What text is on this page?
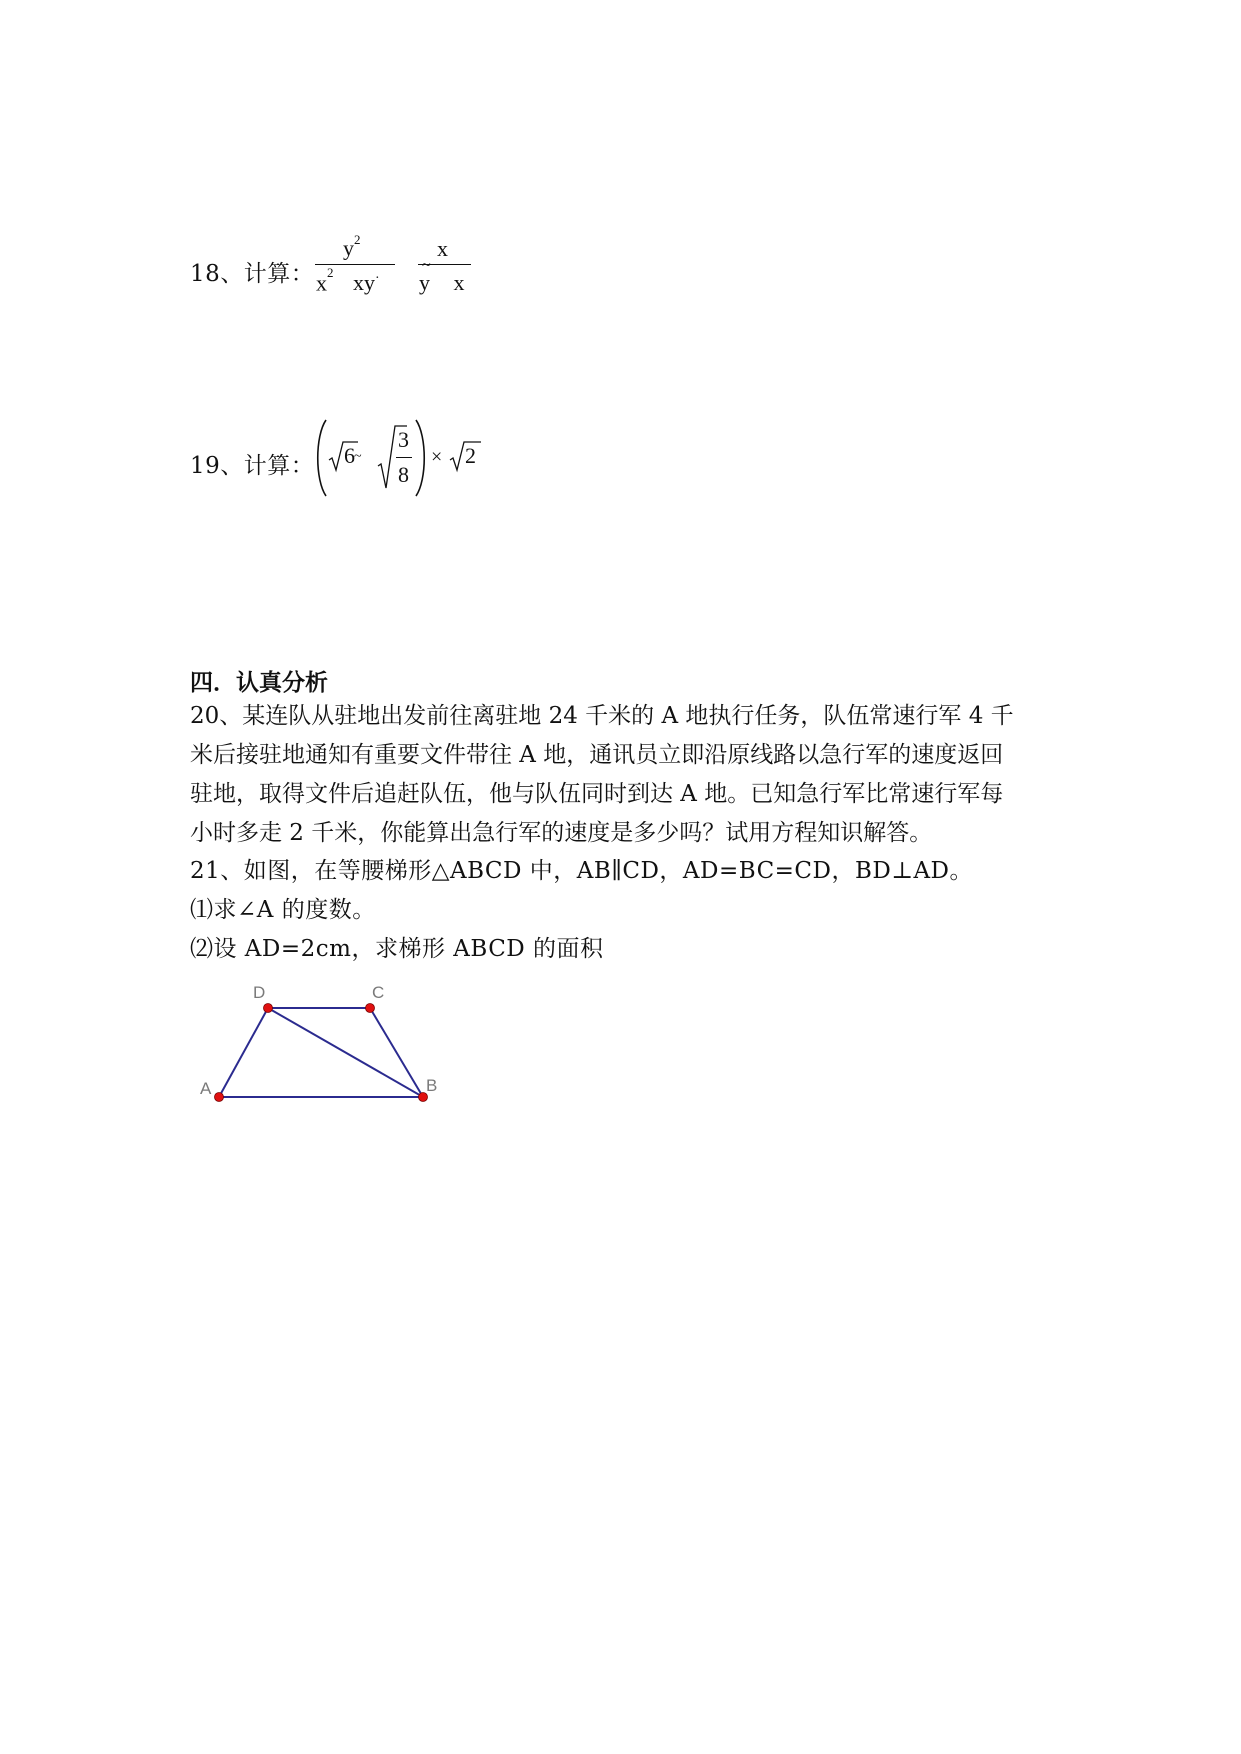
18、计算：
$y^2$
$x^2$ xy·
x
y
~
x
19、计算： 6 ~
3
8
× 2
四．认真分析
20、某连队从驻地出发前往离驻地 24 千米的 A 地执行任务，队伍常速行军 4 千
米后接驻地通知有重要文件带往 A 地，通讯员立即沿原线路以急行军的速度返回
驻地，取得文件后追赶队伍，他与队伍同时到达 A 地。已知急行军比常速行军每
小时多走 2 千米，你能算出急行军的速度是多少吗？试用方程知识解答。
21、如图，在等腰梯形△ABCD 中，AB∥CD，AD=BC=CD，BD⊥AD。
⑴求∠A 的度数。
⑵设 AD=2cm，求梯形 ABCD 的面积
A	B
C
D
